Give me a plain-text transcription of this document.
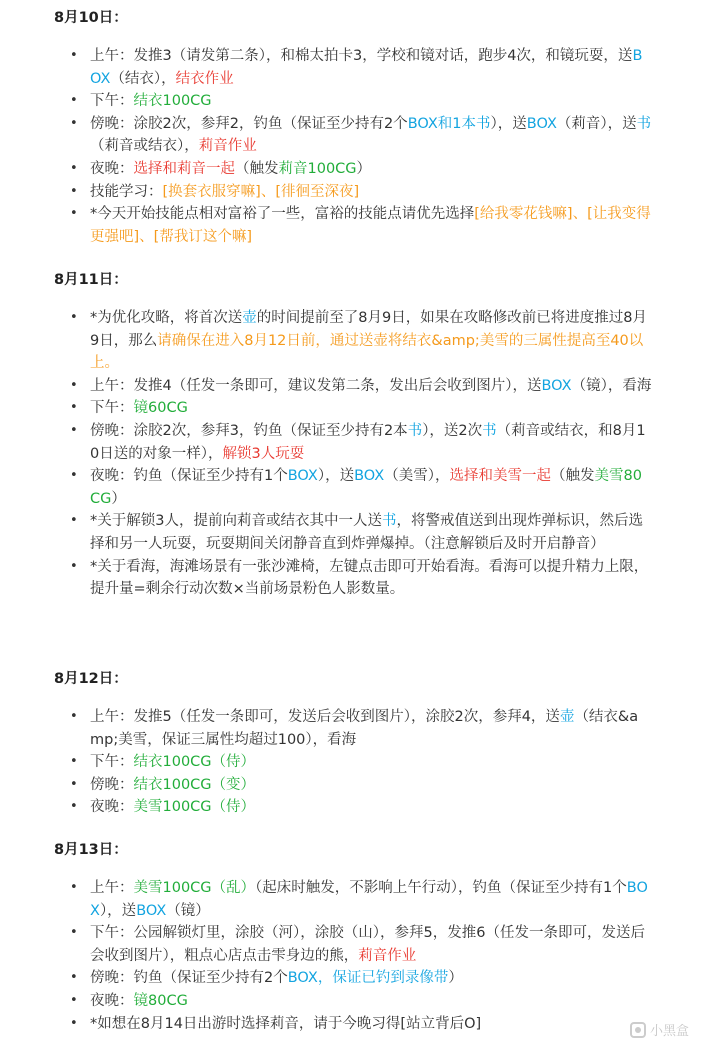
8月10日：
• 上午：发推3（请发第二条），和棉太拍卡3，学校和镜对话，跑步4次，和镜玩耍，送BOX（结衣），结衣作业
• 下午：结衣100CG
• 傍晚：涂胶2次，参拜2，钓鱼（保证至少持有2个BOX和1本书），送BOX（莉音），送书（莉音或结衣），莉音作业
• 夜晚：选择和莉音一起（触发莉音100CG）
• 技能学习：[换套衣服穿嘛]、[徘徊至深夜]
• *今天开始技能点相对富裕了一些，富裕的技能点请优先选择[给我零花钱嘛]、[让我变得更强吧]、[帮我订这个嘛]
8月11日：
• *为优化攻略，将首次送壶的时间提前至了8月9日，如果在攻略修改前已将进度推过8月9日，那么请确保在进入8月12日前，通过送壶将结衣&amp;美雪的三属性提高至40以上。
• 上午：发推4（任发一条即可，建议发第二条，发出后会收到图片），送BOX（镜），看海
• 下午：镜60CG
• 傍晚：涂胶2次，参拜3，钓鱼（保证至少持有2本书），送2次书（莉音或结衣，和8月10日送的对象一样），解锁3人玩耍
• 夜晚：钓鱼（保证至少持有1个BOX），送BOX（美雪），选择和美雪一起（触发美雪80CG）
• *关于解锁3人，提前向莉音或结衣其中一人送书，将警戒值送到出现炸弹标识，然后选择和另一人玩耍，玩耍期间关闭静音直到炸弹爆掉。（注意解锁后及时开启静音）
• *关于看海，海滩场景有一张沙滩椅，左键点击即可开始看海。看海可以提升精力上限，提升量=剩余行动次数×当前场景粉色人影数量。
8月12日：
• 上午：发推5（任发一条即可，发送后会收到图片），涂胶2次，参拜4，送壶（结衣&amp;美雪，保证三属性均超过100），看海
• 下午：结衣100CG（侍）
• 傍晚：结衣100CG（变）
• 夜晚：美雪100CG（侍）
8月13日：
• 上午：美雪100CG（乱）（起床时触发，不影响上午行动），钓鱼（保证至少持有1个BOX），送BOX（镜）
• 下午：公园解锁灯里，涂胶（河），涂胶（山），参拜5，发推6（任发一条即可，发送后会收到图片），粗点心店点击雫身边的熊，莉音作业
• 傍晚：钓鱼（保证至少持有2个BOX，保证已钓到录像带）
• 夜晚：镜80CG
• *如想在8月14日出游时选择莉音，请于今晚习得[站立背后O]	小黑盒
